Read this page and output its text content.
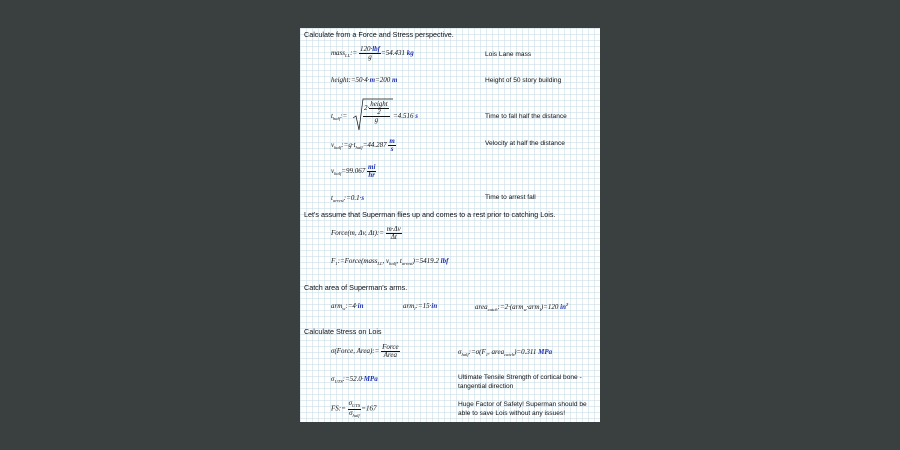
Calculate from a Force and Stress perspective.
mass$_{LL}$:= $\frac{\text{120·lbf}}{g} =54.431$ kg	Lois Lane mass
height:=50·4·m=200 m	Height of 50 story building
$t_{half}:= \frac{2\cdot \frac{\text{height}}{2}}{g} =4.516$ s	Time to fall half the distance
$v_{half}:=g\cdot t_{half}=44.287 \frac{m}{s}$	Velocity at half the distance
$v_{half}=99.067 \frac{mi}{hr}$
$t_{arrest}:=0.1\cdot s$	Time to arrest fall
Let's assume that Superman flies up and comes to a rest prior to catching Lois.
Force(m, Δv, Δt):= $\frac{m\cdot\Delta v}{\Delta t}$
$F_1:=Force(mass_{LL}$, $v_{half}$, $t_{arrest})=5419.2$ lbf
Catch area of Superman's arms.
arm$_w$:=4·in	arm$_l$:=15·in	area$_{catch}$:=2·(arm$_w$·arm$_l$)=120 $in^2$
Calculate Stress on Lois
σ(Force, Area):= $\frac{\text{Force}}{\text{Area}}$	$\sigma_{half}:=\sigma(F_1$, area$_{catch}$)=0.311 MPa
$\sigma_{UTS}:=52.0\cdot MPa$	Ultimate Tensile Strength of cortical bone - tangential direction
FS:= $\frac{\sigma_{UTS}}{\sigma_{half}} =167$
Huge Factor of Safety! Superman should be able to save Lois without any issues!
